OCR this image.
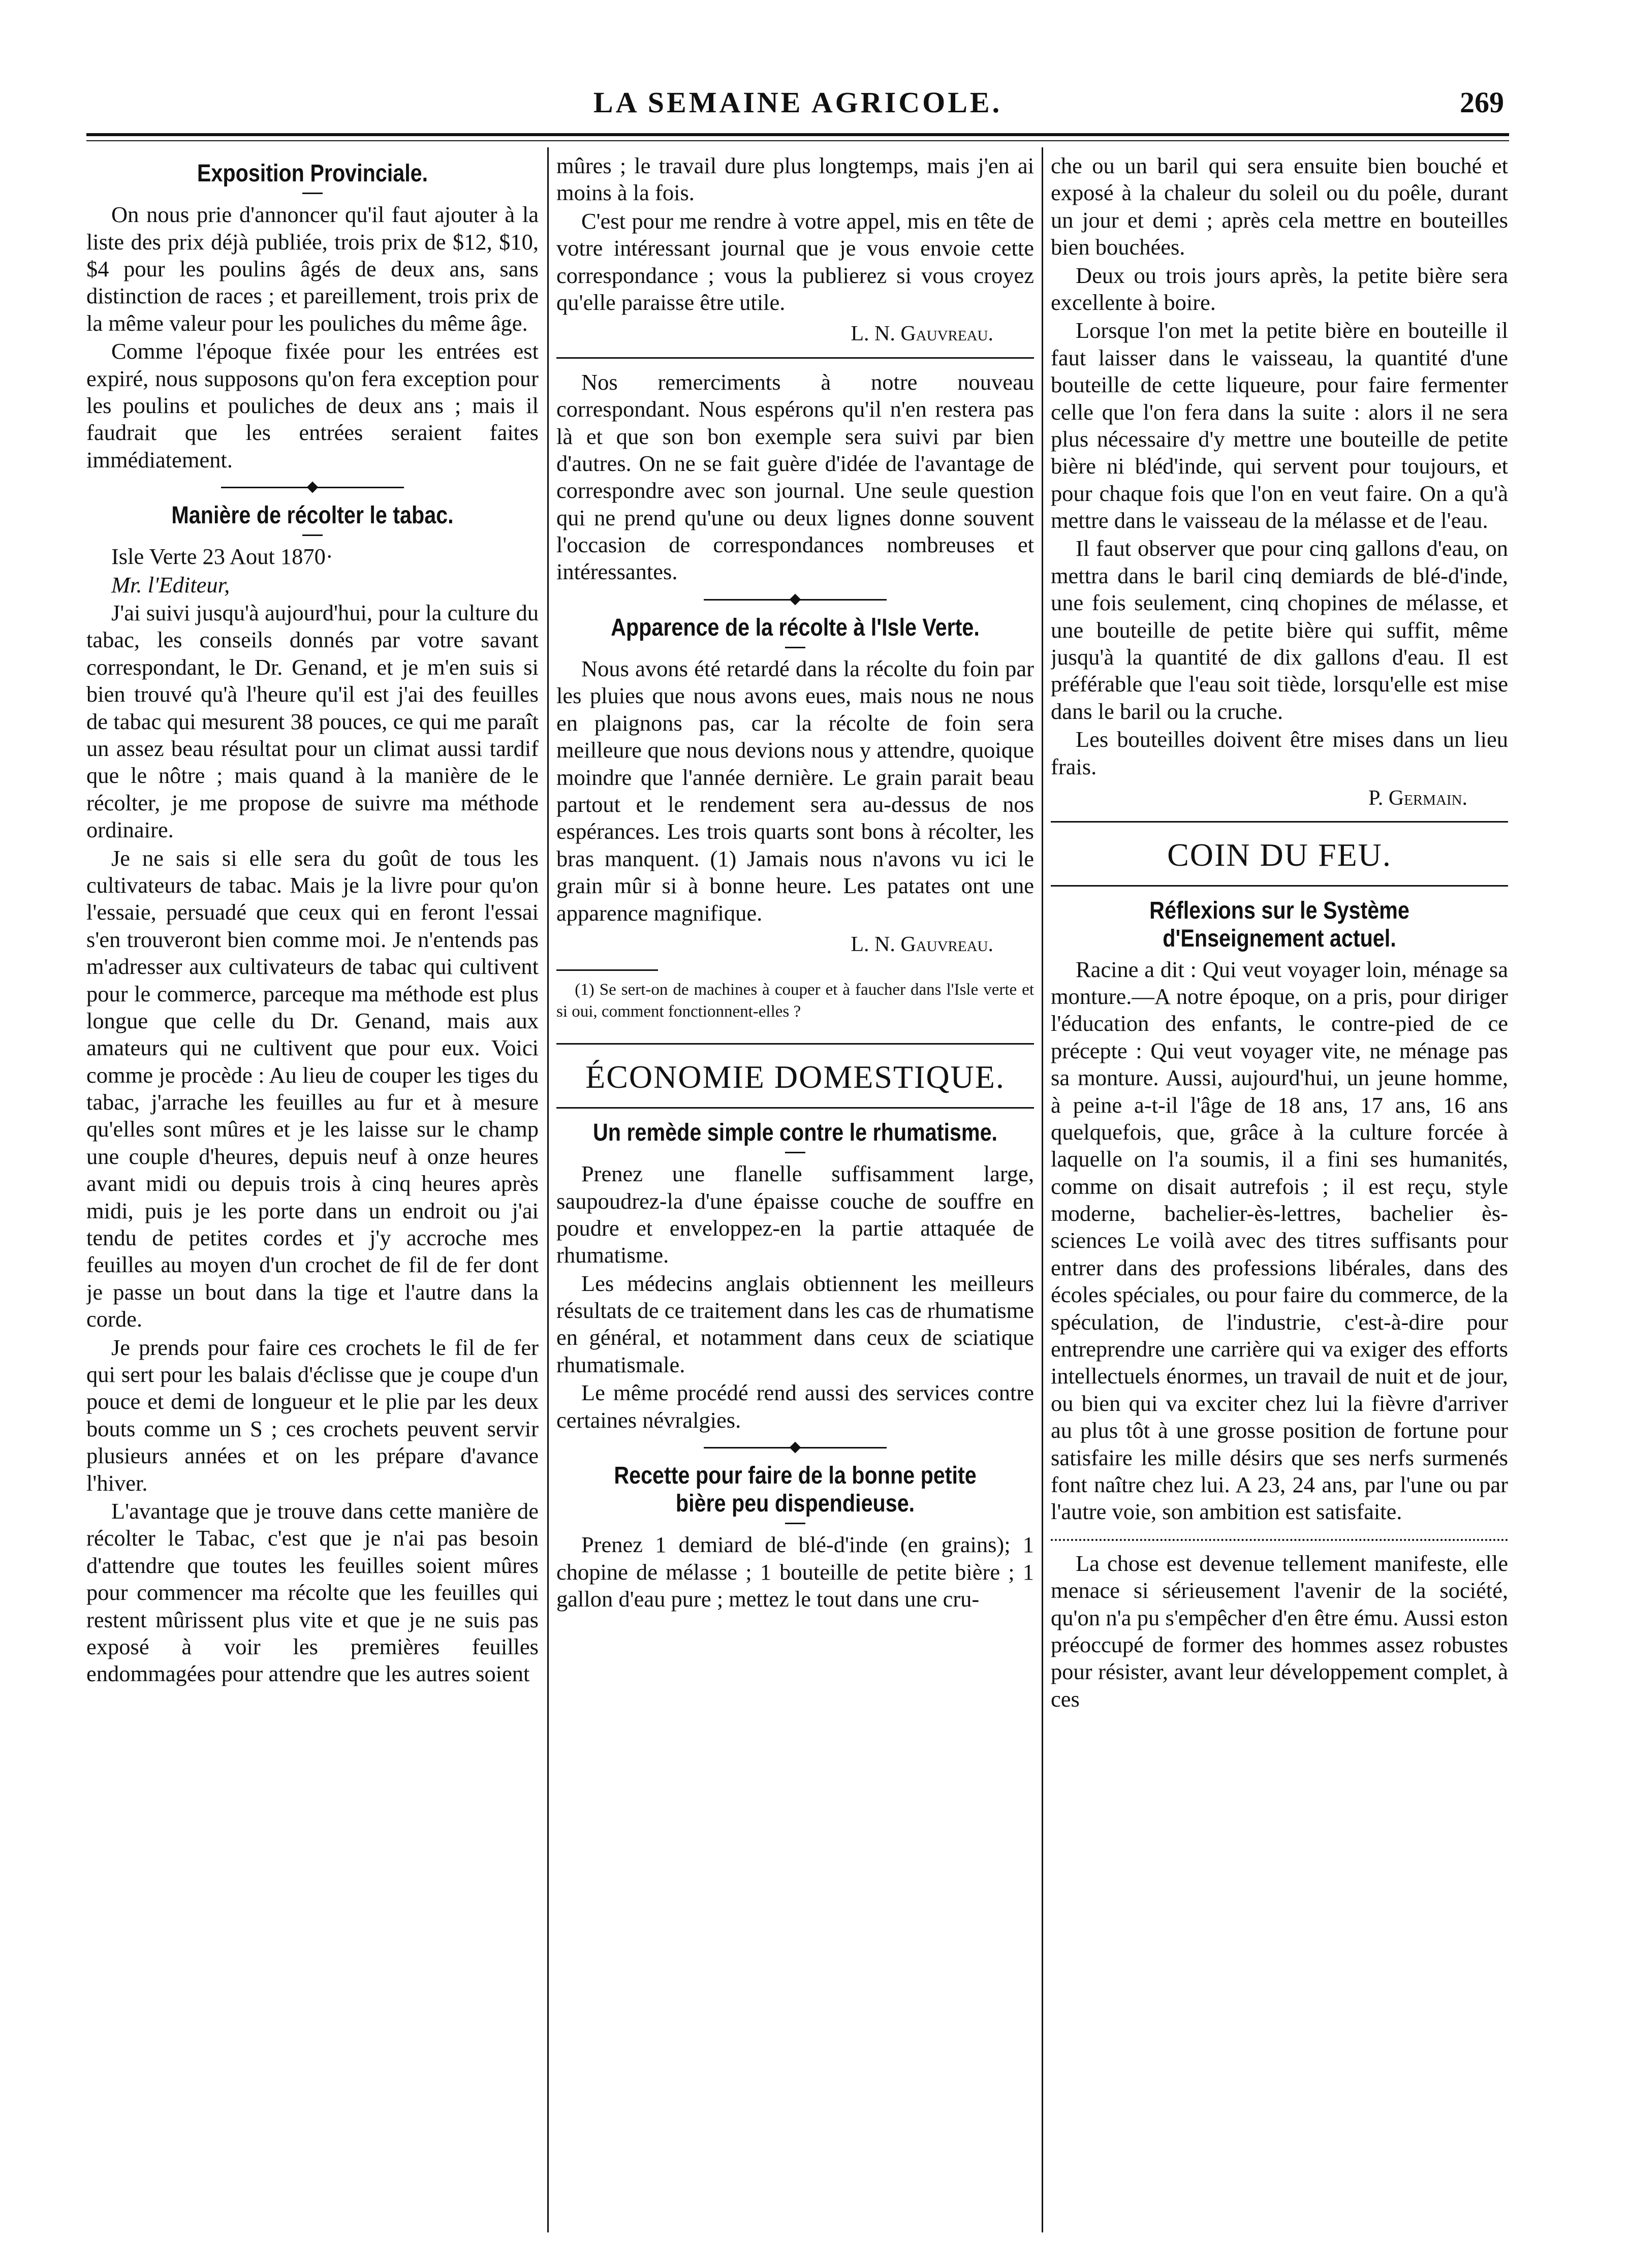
LA SEMAINE AGRICOLE.	269
Exposition Provinciale.

On nous prie d'annoncer qu'il faut ajouter à la liste des prix déjà publiée, trois prix de $12, $10, $4 pour les poulins âgés de deux ans, sans distinction de races ; et pareillement, trois prix de la même valeur pour les pouliches du même âge.

Comme l'époque fixée pour les entrées est expiré, nous supposons qu'on fera exception pour les poulins et pouliches de deux ans ; mais il faudrait que les entrées seraient faites immédiatement.

Manière de récolter le tabac.

Isle Verte 23 Aout 1870·

Mr. l'Editeur,

J'ai suivi jusqu'à aujourd'hui, pour la culture du tabac, les conseils donnés par votre savant correspondant, le Dr. Genand, et je m'en suis si bien trouvé qu'à l'heure qu'il est j'ai des feuilles de tabac qui mesurent 38 pouces, ce qui me paraît un assez beau résultat pour un climat aussi tardif que le nôtre ; mais quand à la manière de le récolter, je me propose de suivre ma méthode ordinaire.

Je ne sais si elle sera du goût de tous les cultivateurs de tabac. Mais je la livre pour qu'on l'essaie, persuadé que ceux qui en feront l'essai s'en trouveront bien comme moi. Je n'entends pas m'adresser aux cultivateurs de tabac qui cultivent pour le commerce, parceque ma méthode est plus longue que celle du Dr. Genand, mais aux amateurs qui ne cultivent que pour eux. Voici comme je procède : Au lieu de couper les tiges du tabac, j'arrache les feuilles au fur et à mesure qu'elles sont mûres et je les laisse sur le champ une couple d'heures, depuis neuf à onze heures avant midi ou depuis trois à cinq heures après midi, puis je les porte dans un endroit ou j'ai tendu de petites cordes et j'y accroche mes feuilles au moyen d'un crochet de fil de fer dont je passe un bout dans la tige et l'autre dans la corde.

Je prends pour faire ces crochets le fil de fer qui sert pour les balais d'éclisse que je coupe d'un pouce et demi de longueur et le plie par les deux bouts comme un S ; ces crochets peuvent servir plusieurs années et on les prépare d'avance l'hiver.

L'avantage que je trouve dans cette manière de récolter le Tabac, c'est que je n'ai pas besoin d'attendre que toutes les feuilles soient mûres pour commencer ma récolte que les feuilles qui restent mûrissent plus vite et que je ne suis pas exposé à voir les premières feuilles endommagées pour attendre que les autres soient

mûres ; le travail dure plus longtemps, mais j'en ai moins à la fois.

C'est pour me rendre à votre appel, mis en tête de votre intéressant journal que je vous envoie cette correspondance ; vous la publierez si vous croyez qu'elle paraisse être utile.

L. N. Gauvreau.

Nos remerciments à notre nouveau correspondant. Nous espérons qu'il n'en restera pas là et que son bon exemple sera suivi par bien d'autres. On ne se fait guère d'idée de l'avantage de correspondre avec son journal. Une seule question qui ne prend qu'une ou deux lignes donne souvent l'occasion de correspondances nombreuses et intéressantes.

Apparence de la récolte à l'Isle Verte.

Nous avons été retardé dans la récolte du foin par les pluies que nous avons eues, mais nous ne nous en plaignons pas, car la récolte de foin sera meilleure que nous devions nous y attendre, quoique moindre que l'année dernière. Le grain parait beau partout et le rendement sera au-dessus de nos espérances. Les trois quarts sont bons à récolter, les bras manquent. (1) Jamais nous n'avons vu ici le grain mûr si à bonne heure. Les patates ont une apparence magnifique.

L. N. Gauvreau.

(1) Se sert-on de machines à couper et à faucher dans l'Isle verte et si oui, comment fonctionnent-elles ?

ÉCONOMIE DOMESTIQUE.
Un remède simple contre le rhumatisme.

Prenez une flanelle suffisamment large, saupoudrez-la d'une épaisse couche de souffre en poudre et enveloppez-en la partie attaquée de rhumatisme.

Les médecins anglais obtiennent les meilleurs résultats de ce traitement dans les cas de rhumatisme en général, et notamment dans ceux de sciatique rhumatismale.

Le même procédé rend aussi des services contre certaines névralgies.

Recette pour faire de la bonne petite bière peu dispendieuse.

Prenez 1 demiard de blé-d'inde (en grains); 1 chopine de mélasse ; 1 bouteille de petite bière ; 1 gallon d'eau pure ; mettez le tout dans une cru-

che ou un baril qui sera ensuite bien bouché et exposé à la chaleur du soleil ou du poêle, durant un jour et demi ; après cela mettre en bouteilles bien bouchées.

Deux ou trois jours après, la petite bière sera excellente à boire.

Lorsque l'on met la petite bière en bouteille il faut laisser dans le vaisseau, la quantité d'une bouteille de cette liqueure, pour faire fermenter celle que l'on fera dans la suite : alors il ne sera plus nécessaire d'y mettre une bouteille de petite bière ni bléd'inde, qui servent pour toujours, et pour chaque fois que l'on en veut faire. On a qu'à mettre dans le vaisseau de la mélasse et de l'eau.

Il faut observer que pour cinq gallons d'eau, on mettra dans le baril cinq demiards de blé-d'inde, une fois seulement, cinq chopines de mélasse, et une bouteille de petite bière qui suffit, même jusqu'à la quantité de dix gallons d'eau. Il est préférable que l'eau soit tiède, lorsqu'elle est mise dans le baril ou la cruche.

Les bouteilles doivent être mises dans un lieu frais.

P. Germain.
COIN DU FEU.
Réflexions sur le Système d'Enseignement actuel.

Racine a dit : Qui veut voyager loin, ménage sa monture.—A notre époque, on a pris, pour diriger l'éducation des enfants, le contre-pied de ce précepte : Qui veut voyager vite, ne ménage pas sa monture. Aussi, aujourd'hui, un jeune homme, à peine a-t-il l'âge de 18 ans, 17 ans, 16 ans quelquefois, que, grâce à la culture forcée à laquelle on l'a soumis, il a fini ses humanités, comme on disait autrefois ; il est reçu, style moderne, bachelier-ès-lettres, bachelier ès-sciences Le voilà avec des titres suffisants pour entrer dans des professions libérales, dans des écoles spéciales, ou pour faire du commerce, de la spéculation, de l'industrie, c'est-à-dire pour entreprendre une carrière qui va exiger des efforts intellectuels énormes, un travail de nuit et de jour, ou bien qui va exciter chez lui la fièvre d'arriver au plus tôt à une grosse position de fortune pour satisfaire les mille désirs que ses nerfs surmenés font naître chez lui. A 23, 24 ans, par l'une ou par l'autre voie, son ambition est satisfaite.

La chose est devenue tellement manifeste, elle menace si sérieusement l'avenir de la société, qu'on n'a pu s'empêcher d'en être ému. Aussi eston préoccupé de former des hommes assez robustes pour résister, avant leur développement complet, à ces
